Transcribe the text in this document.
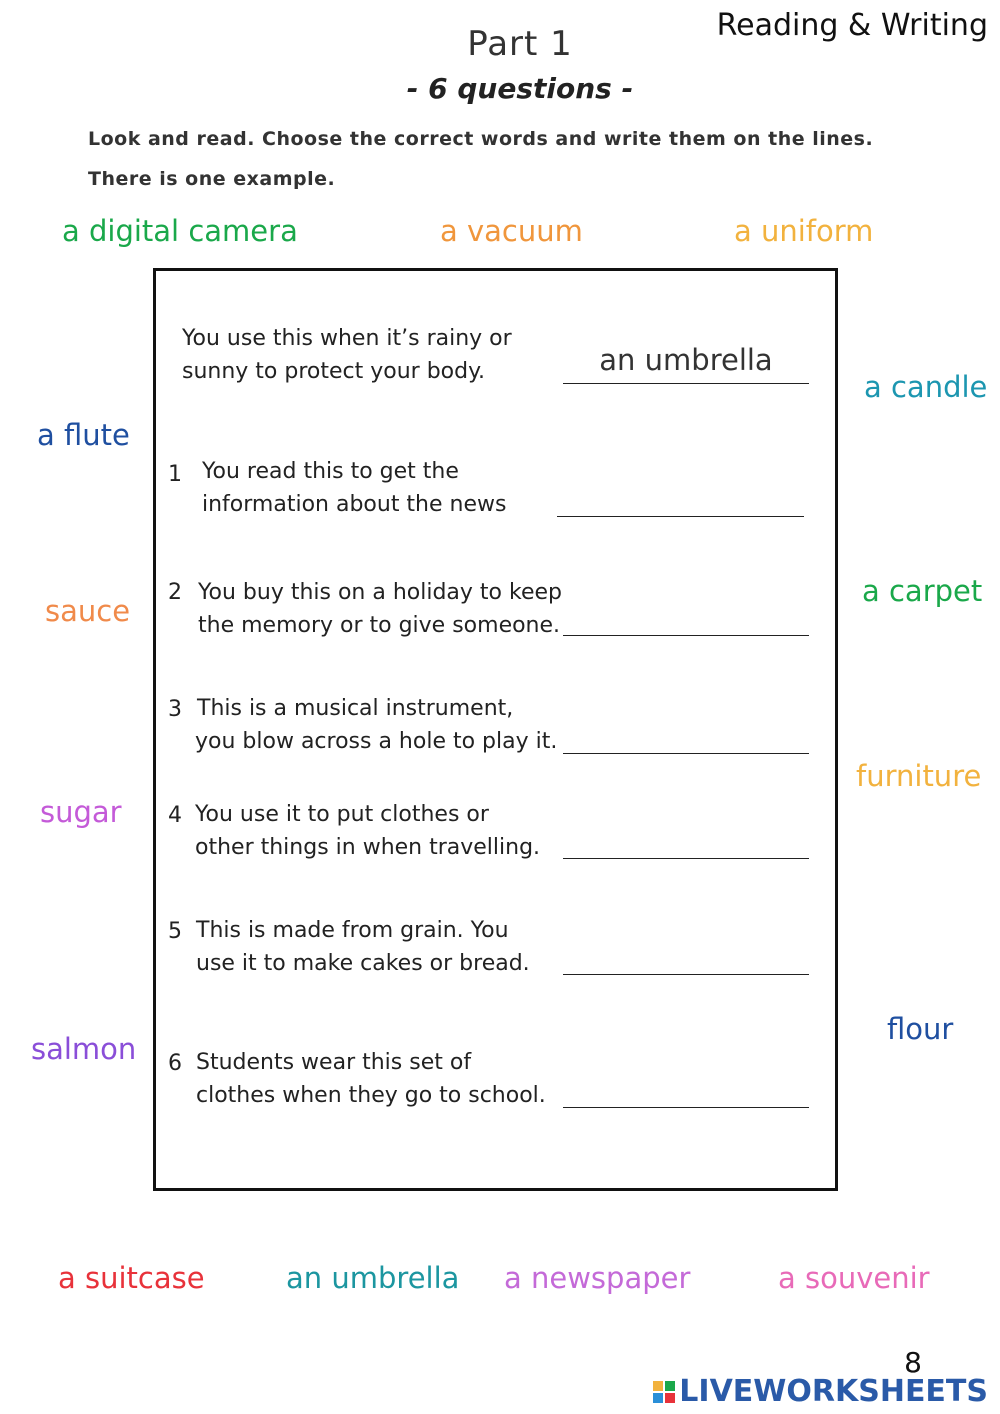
Reading & Writing
Part 1
- 6 questions -
Look and read. Choose the correct words and write them on the lines.
There is one example.
a digital camera	a vacuum	a uniform
a flute
sauce
sugar
salmon
a candle
a carpet
furniture
flour
a suitcase	an umbrella a newspaper	a souvenir
You use this when it’s rainy or
sunny to protect your body.	an umbrella
1 You read this to get the
information about the news
2 You buy this on a holiday to keep
the memory or to give someone.
3 This is a musical instrument,
you blow across a hole to play it.
4 You use it to put clothes or
other things in when travelling.
5 This is made from grain. You
use it to make cakes or bread.
6 Students wear this set of
clothes when they go to school.
8
LIVEWORKSHEETS
